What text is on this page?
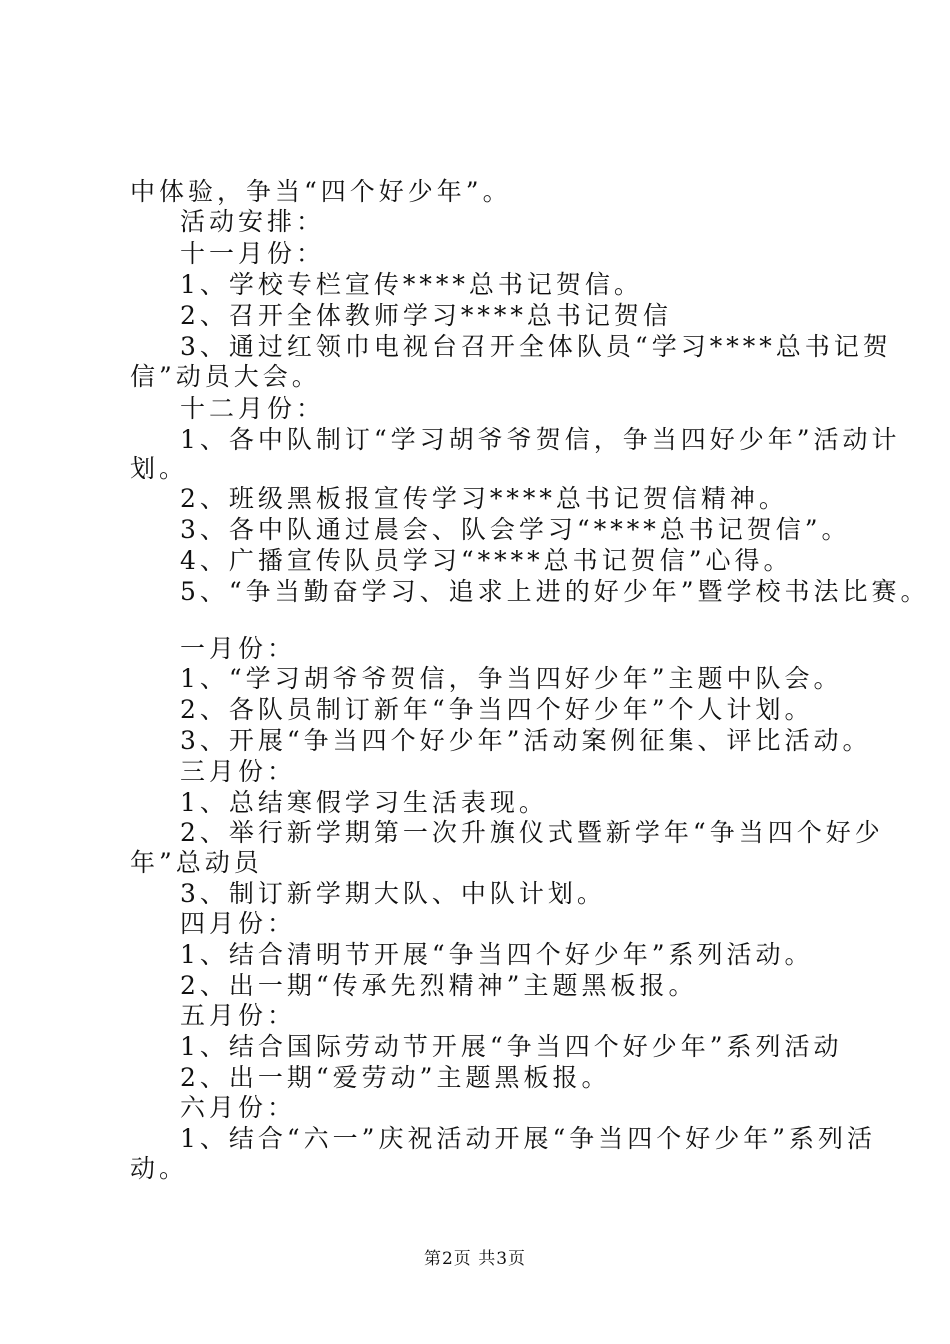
中体验，争当“四个好少年”。
活动安排：
十一月份：
1、学校专栏宣传****总书记贺信。
2、召开全体教师学习****总书记贺信
3、通过红领巾电视台召开全体队员“学习****总书记贺
信”动员大会。
十二月份：
1、各中队制订“学习胡爷爷贺信，争当四好少年”活动计
划。
2、班级黑板报宣传学习****总书记贺信精神。
3、各中队通过晨会、队会学习“****总书记贺信”。
4、广播宣传队员学习“****总书记贺信”心得。
5、“争当勤奋学习、追求上进的好少年”暨学校书法比赛。
一月份：
1、“学习胡爷爷贺信，争当四好少年”主题中队会。
2、各队员制订新年“争当四个好少年”个人计划。
3、开展“争当四个好少年”活动案例征集、评比活动。
三月份：
1、总结寒假学习生活表现。
2、举行新学期第一次升旗仪式暨新学年“争当四个好少
年”总动员
3、制订新学期大队、中队计划。
四月份：
1、结合清明节开展“争当四个好少年”系列活动。
2、出一期“传承先烈精神”主题黑板报。
五月份：
1、结合国际劳动节开展“争当四个好少年”系列活动
2、出一期“爱劳动”主题黑板报。
六月份：
1、结合“六一”庆祝活动开展“争当四个好少年”系列活
动。
第2页 共3页
